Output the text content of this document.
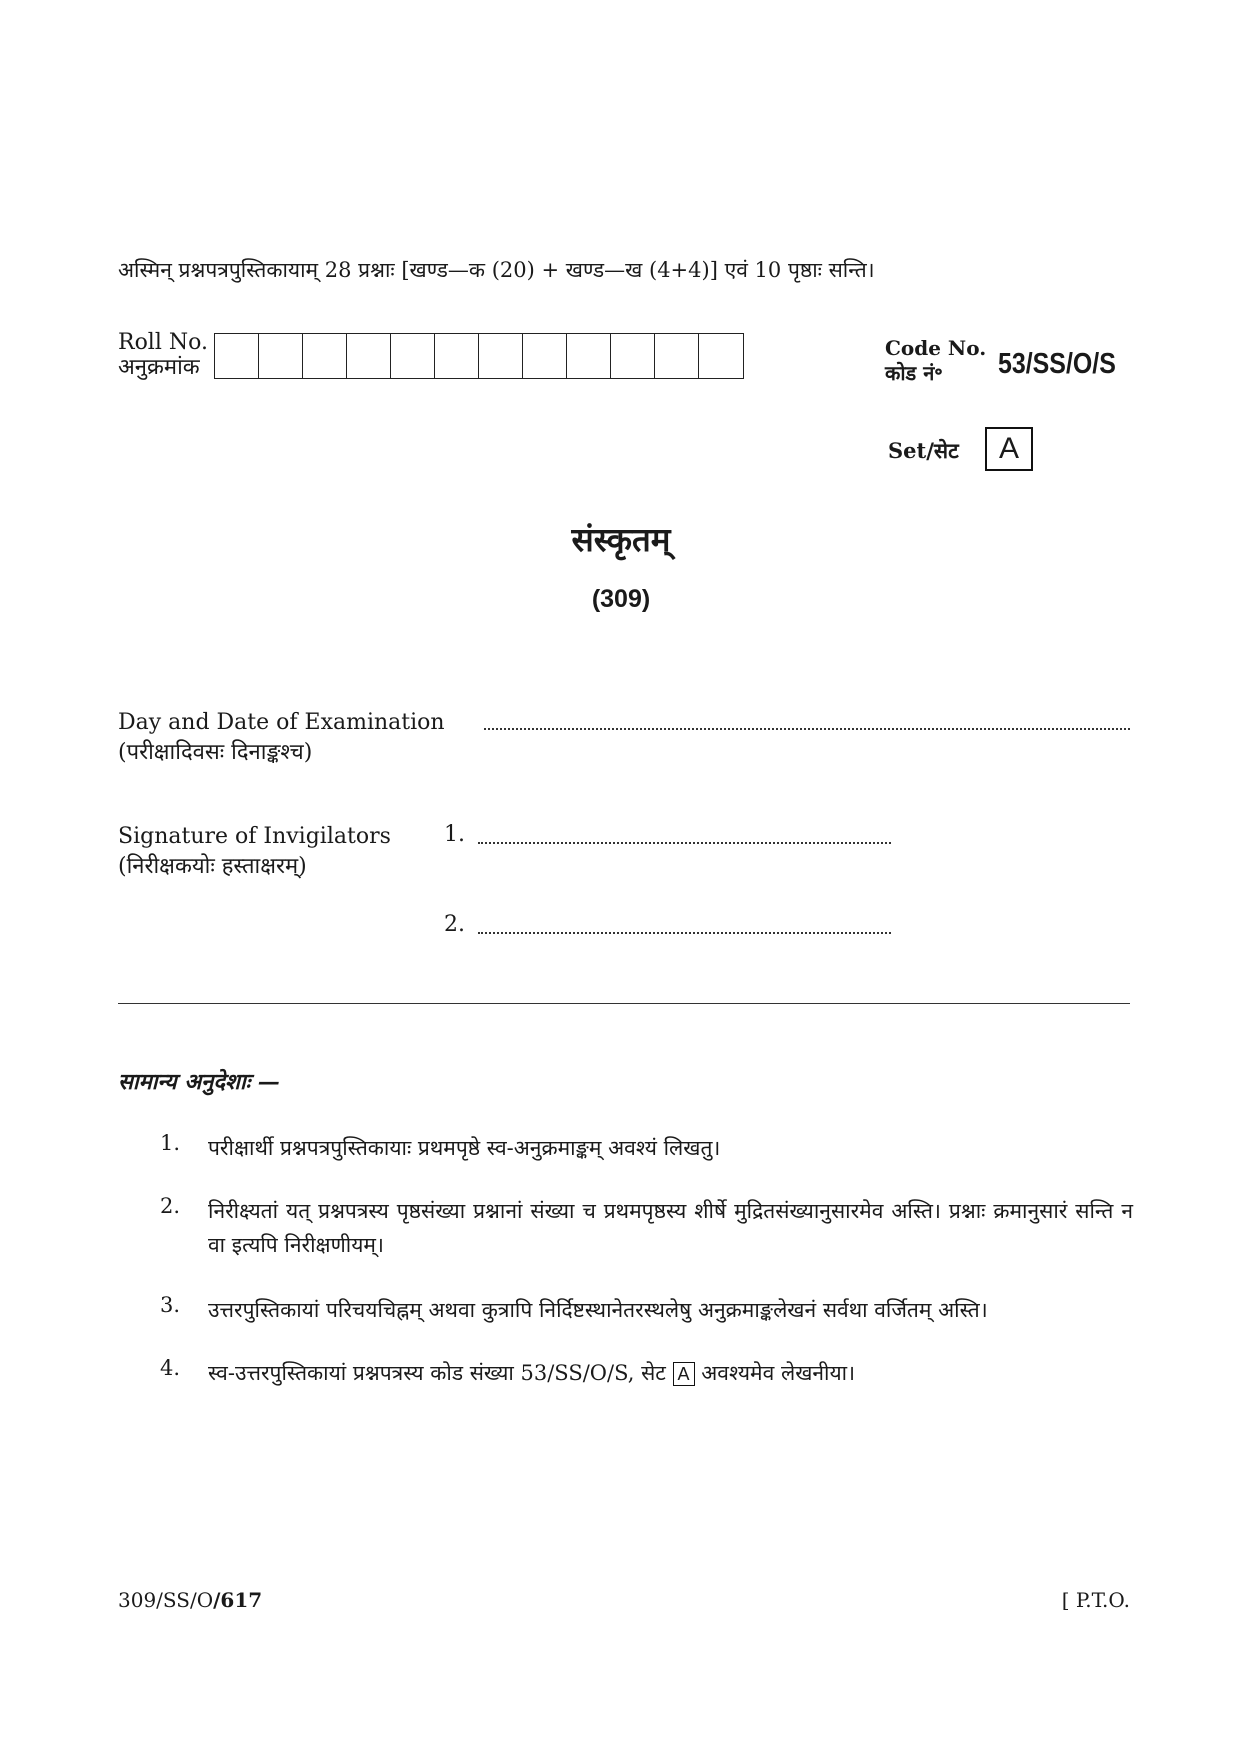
अस्मिन् प्रश्नपत्रपुस्तिकायाम् 28 प्रश्नाः [खण्ड—क (20) + खण्ड—ख (4+4)] एवं 10 पृष्ठाः सन्ति।
Roll No.
अनुक्रमांक
Code No.
कोड नं॰	53/SS/O/S
Set/सेट	A
संस्कृतम्
(309)
Day and Date of Examination
(परीक्षादिवसः दिनाङ्कश्च)
Signature of Invigilators
(निरीक्षकयोः हस्ताक्षरम्)
1.
2.
सामान्य अनुदेशाः —
1. परीक्षार्थी प्रश्नपत्रपुस्तिकायाः प्रथमपृष्ठे स्व-अनुक्रमाङ्कम् अवश्यं लिखतु।
2. निरीक्ष्यतां यत् प्रश्नपत्रस्य पृष्ठसंख्या प्रश्नानां संख्या च प्रथमपृष्ठस्य शीर्षे मुद्रितसंख्यानुसारमेव अस्ति। प्रश्नाः क्रमानुसारं सन्ति न वा इत्यपि निरीक्षणीयम्।
3. उत्तरपुस्तिकायां परिचयचिह्नम् अथवा कुत्रापि निर्दिष्टस्थानेतरस्थलेषु अनुक्रमाङ्कलेखनं सर्वथा वर्जितम् अस्ति।
4. स्व-उत्तरपुस्तिकायां प्रश्नपत्रस्य कोड संख्या 53/SS/O/S, सेट A अवश्यमेव लेखनीया।
309/SS/O/617	[ P.T.O.
